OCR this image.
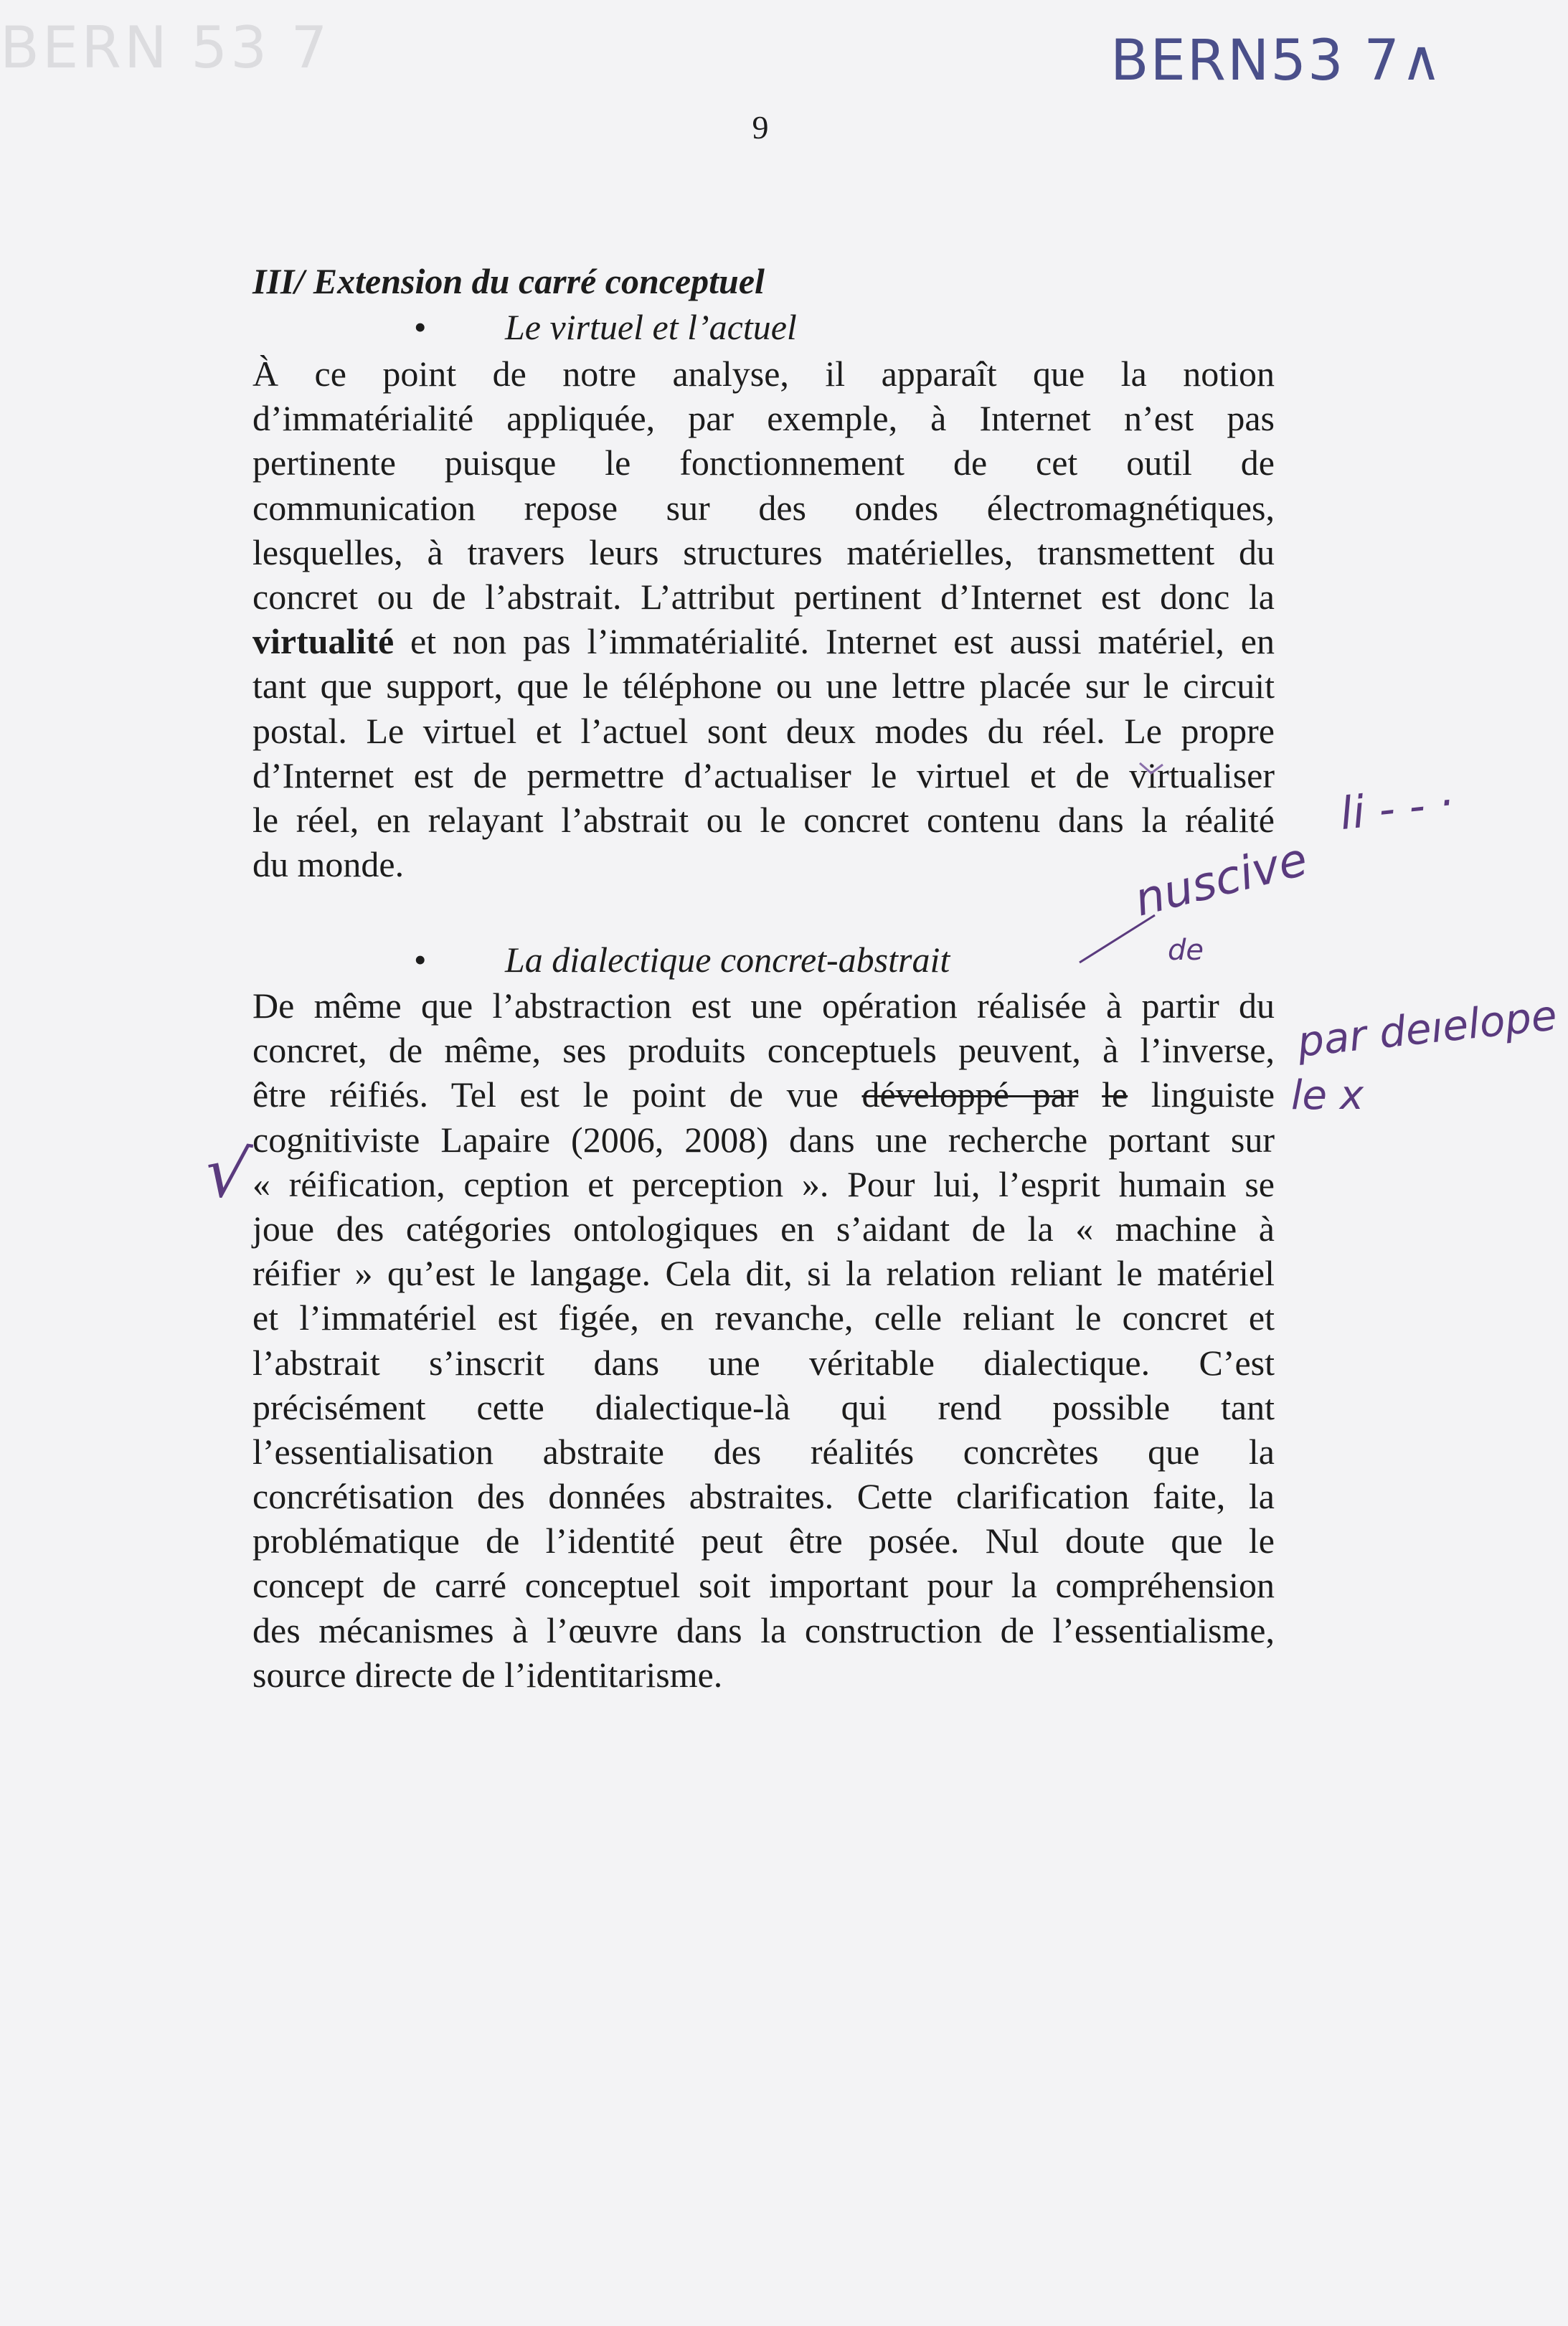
BERN 53 7	BERN53 7∧
9
III/ Extension du carré conceptuel
• Le virtuel et l’actuel
À ce point de notre analyse, il apparaît que la notion
d’immatérialité appliquée, par exemple, à Internet n’est pas
pertinente puisque le fonctionnement de cet outil de
communication repose sur des ondes électromagnétiques,
lesquelles, à travers leurs structures matérielles, transmettent du
concret ou de l’abstrait. L’attribut pertinent d’Internet est donc la
virtualité et non pas l’immatérialité. Internet est aussi matériel, en
tant que support, que le téléphone ou une lettre placée sur le circuit
postal. Le virtuel et l’actuel sont deux modes du réel. Le propre
d’Internet est de permettre d’actualiser le virtuel et de virtualiser
le réel, en relayant l’abstrait ou le concret contenu dans la réalité
du monde.
• La dialectique concret-abstrait
De même que l’abstraction est une opération réalisée à partir du
concret, de même, ses produits conceptuels peuvent, à l’inverse,
être réifiés. Tel est le point de vue développé par le linguiste
cognitiviste Lapaire (2006, 2008) dans une recherche portant sur
« réification, ception et perception ». Pour lui, l’esprit humain se
joue des catégories ontologiques en s’aidant de la « machine à
réifier » qu’est le langage. Cela dit, si la relation reliant le matériel
et l’immatériel est figée, en revanche, celle reliant le concret et
l’abstrait s’inscrit dans une véritable dialectique. C’est
précisément cette dialectique-là qui rend possible tant
l’essentialisation abstraite des réalités concrètes que la
concrétisation des données abstraites. Cette clarification faite, la
problématique de l’identité peut être posée. Nul doute que le
concept de carré conceptuel soit important pour la compréhension
des mécanismes à l’œuvre dans la construction de l’essentialisme,
source directe de l’identitarisme.
nuscive
de
li - - ·
par deıelope
le x
√
